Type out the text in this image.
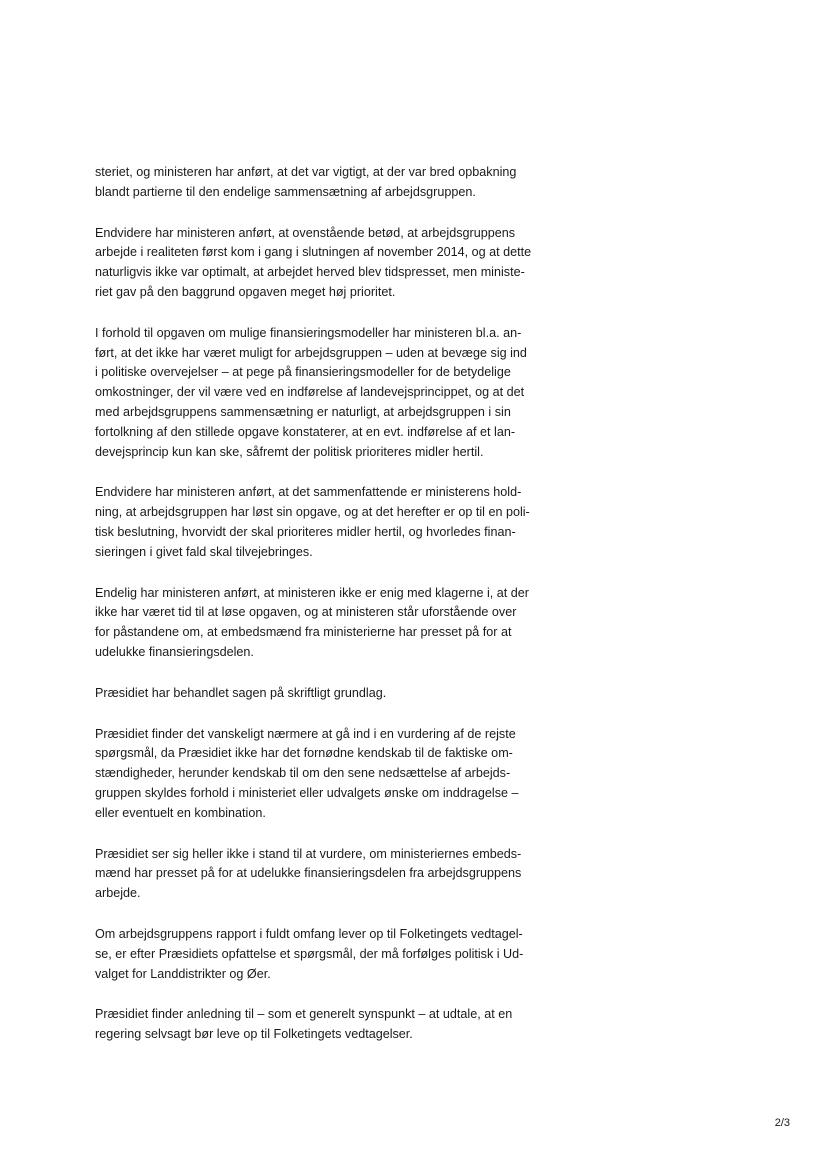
steriet, og ministeren har anført, at det var vigtigt, at der var bred opbakning
blandt partierne til den endelige sammensætning af arbejdsgruppen.

Endvidere har ministeren anført, at ovenstående betød, at arbejdsgruppens
arbejde i realiteten først kom i gang i slutningen af november 2014, og at dette
naturligvis ikke var optimalt, at arbejdet herved blev tidspresset, men ministe-
riet gav på den baggrund opgaven meget høj prioritet.

I forhold til opgaven om mulige finansieringsmodeller har ministeren bl.a. an-
ført, at det ikke har været muligt for arbejdsgruppen – uden at bevæge sig ind
i politiske overvejelser – at pege på finansieringsmodeller for de betydelige
omkostninger, der vil være ved en indførelse af landevejsprincippet, og at det
med arbejdsgruppens sammensætning er naturligt, at arbejdsgruppen i sin
fortolkning af den stillede opgave konstaterer, at en evt. indførelse af et lan-
devejsprincip kun kan ske, såfremt der politisk prioriteres midler hertil.

Endvidere har ministeren anført, at det sammenfattende er ministerens hold-
ning, at arbejdsgruppen har løst sin opgave, og at det herefter er op til en poli-
tisk beslutning, hvorvidt der skal prioriteres midler hertil, og hvorledes finan-
sieringen i givet fald skal tilvejebringes.

Endelig har ministeren anført, at ministeren ikke er enig med klagerne i, at der
ikke har været tid til at løse opgaven, og at ministeren står uforstående over
for påstandene om, at embedsmænd fra ministerierne har presset på for at
udelukke finansieringsdelen.

Præsidiet har behandlet sagen på skriftligt grundlag.

Præsidiet finder det vanskeligt nærmere at gå ind i en vurdering af de rejste
spørgsmål, da Præsidiet ikke har det fornødne kendskab til de faktiske om-
stændigheder, herunder kendskab til om den sene nedsættelse af arbejds-
gruppen skyldes forhold i ministeriet eller udvalgets ønske om inddragelse –
eller eventuelt en kombination.

Præsidiet ser sig heller ikke i stand til at vurdere, om ministeriernes embeds-
mænd har presset på for at udelukke finansieringsdelen fra arbejdsgruppens
arbejde.

Om arbejdsgruppens rapport i fuldt omfang lever op til Folketingets vedtagel-
se, er efter Præsidiets opfattelse et spørgsmål, der må forfølges politisk i Ud-
valget for Landdistrikter og Øer.

Præsidiet finder anledning til – som et generelt synspunkt – at udtale, at en
regering selvsagt bør leve op til Folketingets vedtagelser.

2/3
